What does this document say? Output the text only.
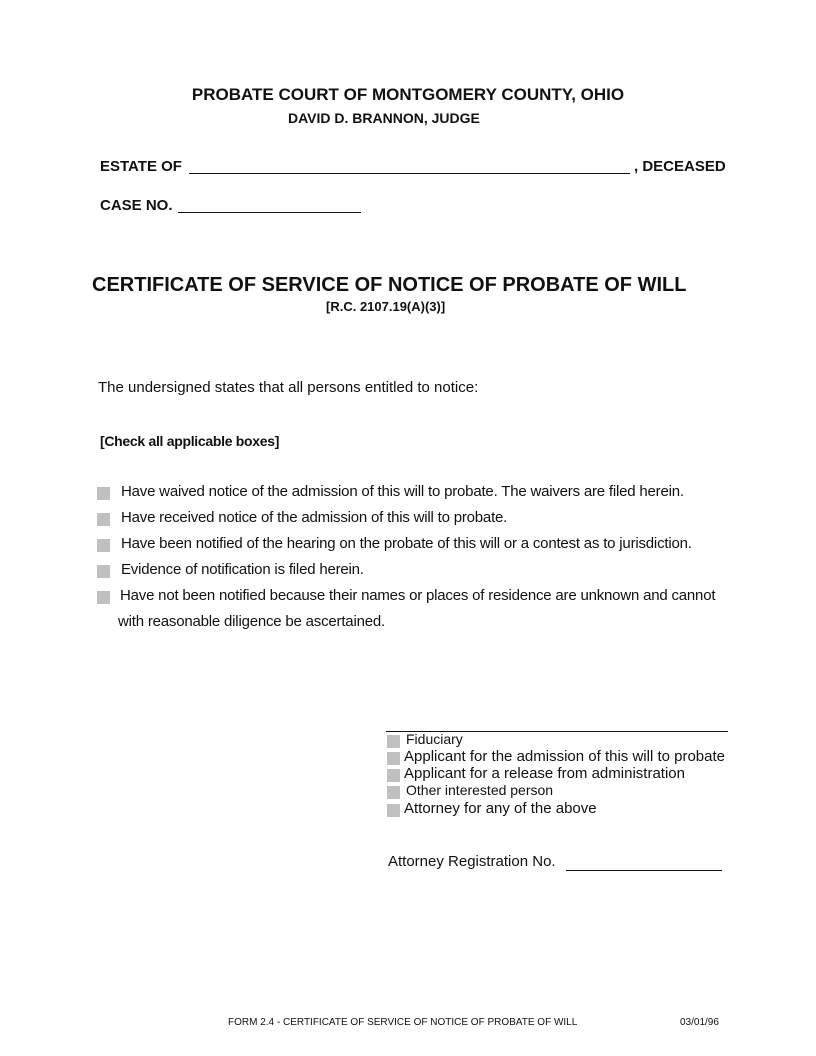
PROBATE COURT OF MONTGOMERY COUNTY, OHIO
DAVID D. BRANNON, JUDGE
ESTATE OF	, DECEASED
CASE NO.
CERTIFICATE OF SERVICE OF NOTICE OF PROBATE OF WILL
[R.C. 2107.19(A)(3)]
The undersigned states that all persons entitled to notice:
[Check all applicable boxes]
Have waived notice of the admission of this will to probate. The waivers are filed herein.
Have received notice of the admission of this will to probate.
Have been notified of the hearing on the probate of this will or a contest as to jurisdiction.
Evidence of notification is filed herein.
Have not been notified because their names or places of residence are unknown and cannot
with reasonable diligence be ascertained.
Fiduciary
Applicant for the admission of this will to probate
Applicant for a release from administration
Other interested person
Attorney for any of the above
Attorney Registration No.
FORM 2.4 - CERTIFICATE OF SERVICE OF NOTICE OF PROBATE OF WILL	03/01/96
